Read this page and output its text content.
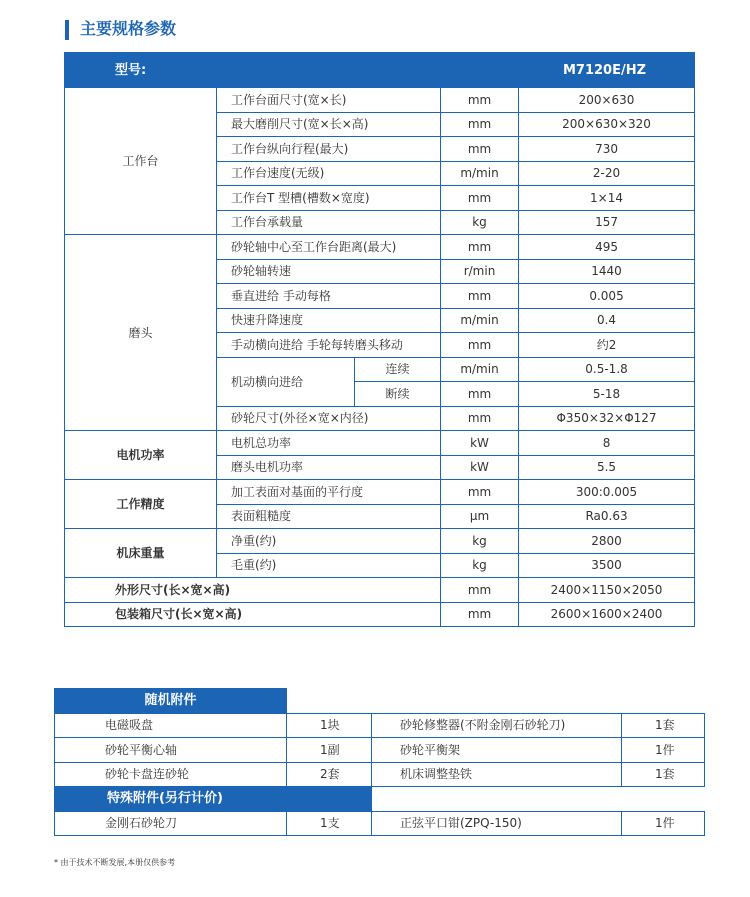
主要规格参数
型号:		M7120E/HZ		
工作台	工作台面尺寸(宽×长)		mm	200×630
	最大磨削尺寸(宽×长×高)		mm	200×630×320
	工作台纵向行程(最大)		mm	730
	工作台速度(无级)		m/min	2-20
	工作台T 型槽(槽数×宽度)		mm	1×14
	工作台承载量		kg	157
磨头	砂轮轴中心至工作台距离(最大)		mm	495
	砂轮轴转速		r/min	1440
	垂直进给 手动每格		mm	0.005
	快速升降速度		m/min	0.4
	手动横向进给 手轮每转磨头移动		mm	约2
	机动横向进给	连续	m/min	0.5-1.8
		断续	mm	5-18
	砂轮尺寸(外径×宽×内径)		mm	Φ350×32×Φ127
电机功率	电机总功率		kW	8
	磨头电机功率		kW	5.5
工作精度	加工表面对基面的平行度		mm	300:0.005
	表面粗糙度		μm	Ra0.63
机床重量	净重(约)		kg	2800
	毛重(约)		kg	3500
外形尺寸(长×宽×高)			mm	2400×1150×2050
包装箱尺寸(长×宽×高)			mm	2600×1600×2400
随机附件			
电磁吸盘	1块	砂轮修整器(不附金刚石砂轮刀)	1套
砂轮平衡心轴	1副	砂轮平衡架	1件
砂轮卡盘连砂轮	2套	机床调整垫铁	1套
特殊附件(另行计价)			
金刚石砂轮刀	1支	正弦平口钳(ZPQ-150)	1件
* 由于技术不断发展,本册仅供参考
